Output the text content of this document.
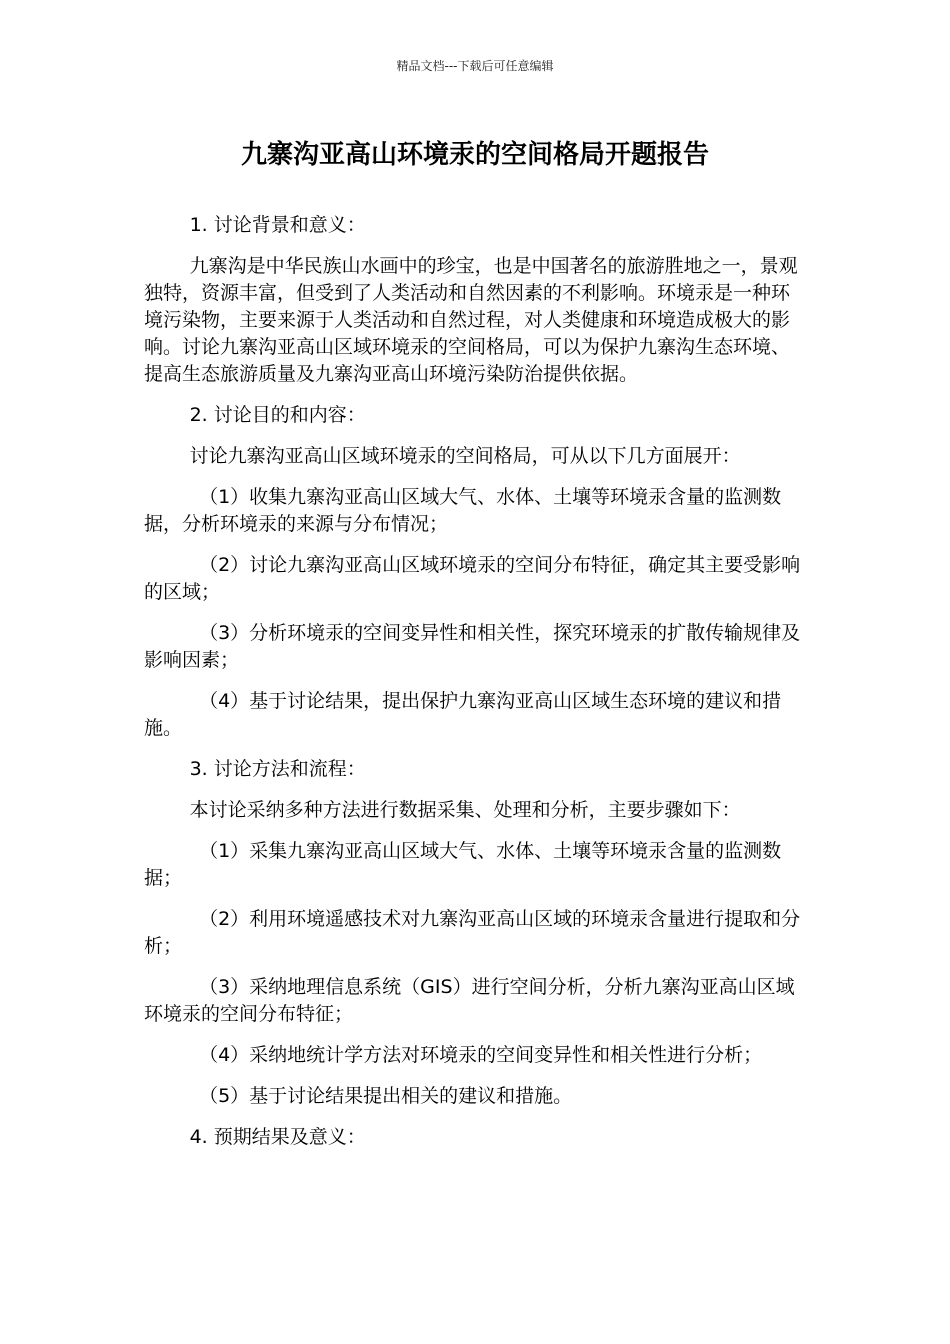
精品文档---下载后可任意编辑
九寨沟亚高山环境汞的空间格局开题报告

1. 讨论背景和意义：

九寨沟是中华民族山水画中的珍宝，也是中国著名的旅游胜地之一，景观独特，资源丰富，但受到了人类活动和自然因素的不利影响。环境汞是一种环境污染物，主要来源于人类活动和自然过程，对人类健康和环境造成极大的影响。讨论九寨沟亚高山区域环境汞的空间格局，可以为保护九寨沟生态环境、提高生态旅游质量及九寨沟亚高山环境污染防治提供依据。

2. 讨论目的和内容：

讨论九寨沟亚高山区域环境汞的空间格局，可从以下几方面展开：

（1）收集九寨沟亚高山区域大气、水体、土壤等环境汞含量的监测数据，分析环境汞的来源与分布情况；

（2）讨论九寨沟亚高山区域环境汞的空间分布特征，确定其主要受影响的区域；

（3）分析环境汞的空间变异性和相关性，探究环境汞的扩散传输规律及影响因素；

（4）基于讨论结果，提出保护九寨沟亚高山区域生态环境的建议和措施。

3. 讨论方法和流程：

本讨论采纳多种方法进行数据采集、处理和分析，主要步骤如下：

（1）采集九寨沟亚高山区域大气、水体、土壤等环境汞含量的监测数据；

（2）利用环境遥感技术对九寨沟亚高山区域的环境汞含量进行提取和分析；

（3）采纳地理信息系统（GIS）进行空间分析，分析九寨沟亚高山区域环境汞的空间分布特征；

（4）采纳地统计学方法对环境汞的空间变异性和相关性进行分析；

（5）基于讨论结果提出相关的建议和措施。

4. 预期结果及意义：
